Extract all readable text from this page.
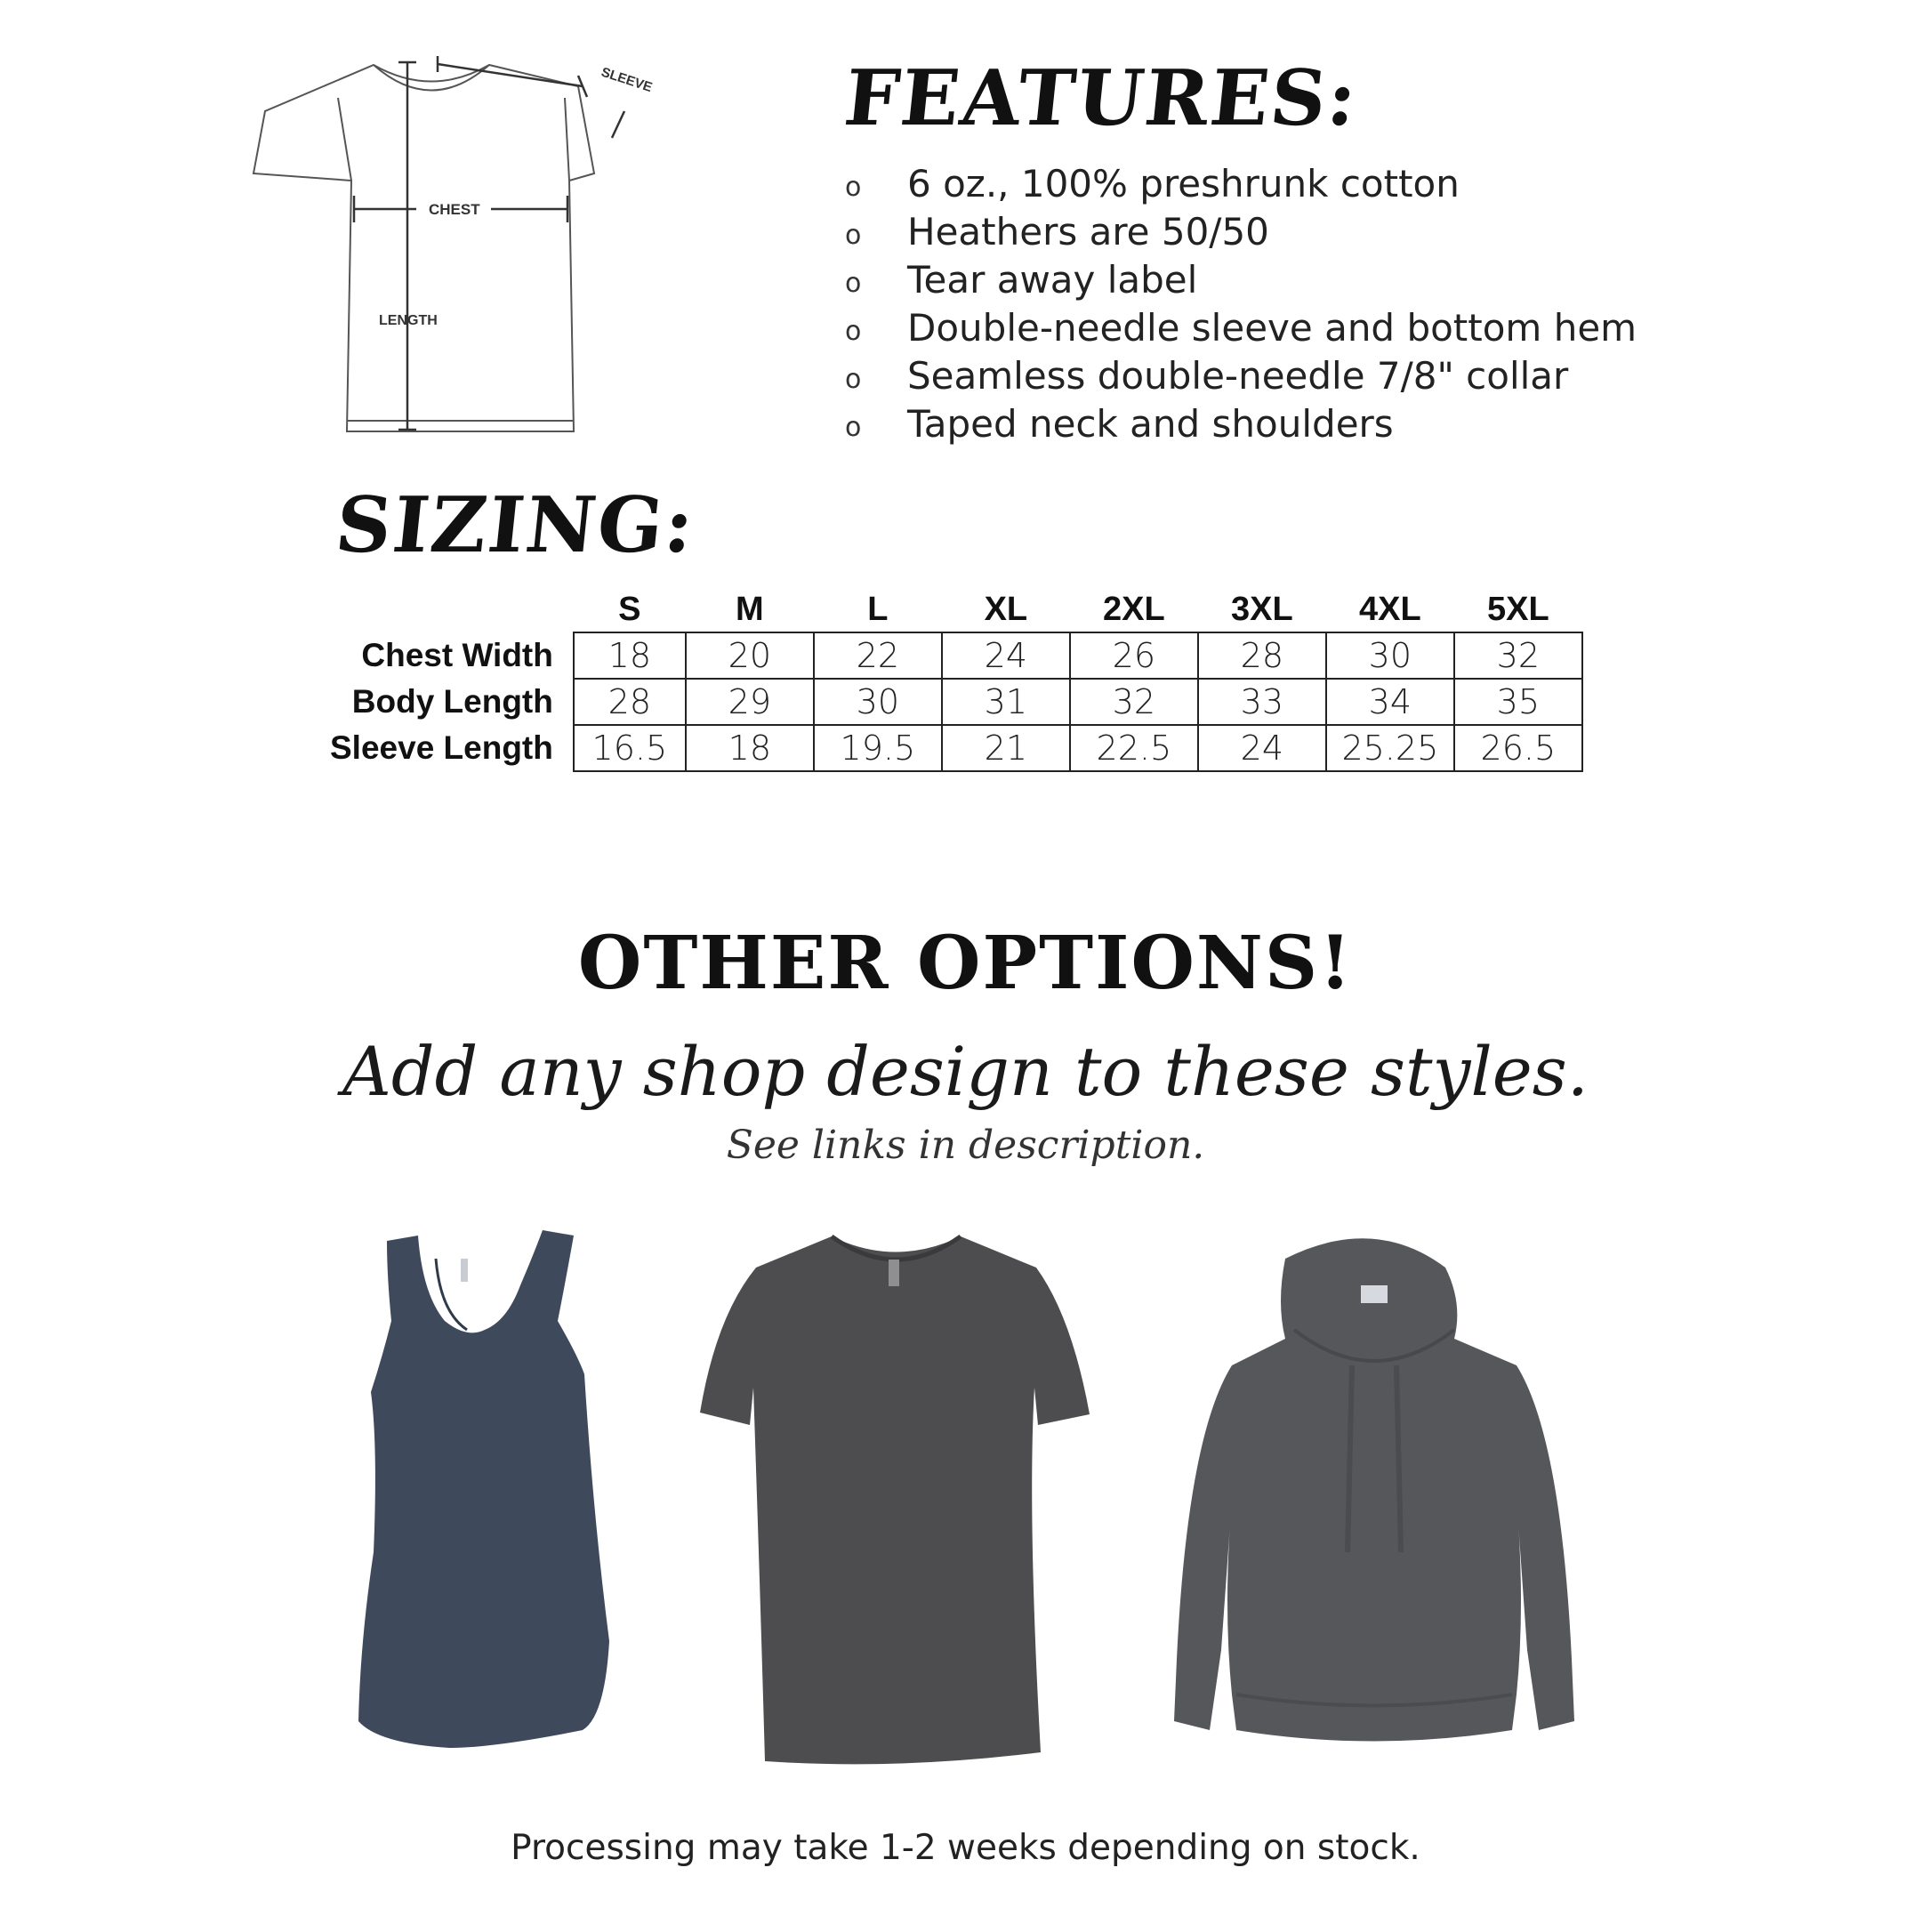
SLEEVE
CHEST
LENGTH
FEATURES:
o 6 oz., 100% preshrunk cotton
o Heathers are 50/50
o Tear away label
o Double-needle sleeve and bottom hem
o Seamless double-needle 7/8" collar
o Taped neck and shoulders
SIZING:
	S	M	L	XL	2XL	3XL	4XL	5XL
Chest Width	18	20	22	24	26	28	30	32
Body Length	28	29	30	31	32	33	34	35
Sleeve Length	16.5	18	19.5	21	22.5	24	25.25	26.5
OTHER OPTIONS!
Add any shop design to these styles.
See links in description.
Processing may take 1-2 weeks depending on stock.
